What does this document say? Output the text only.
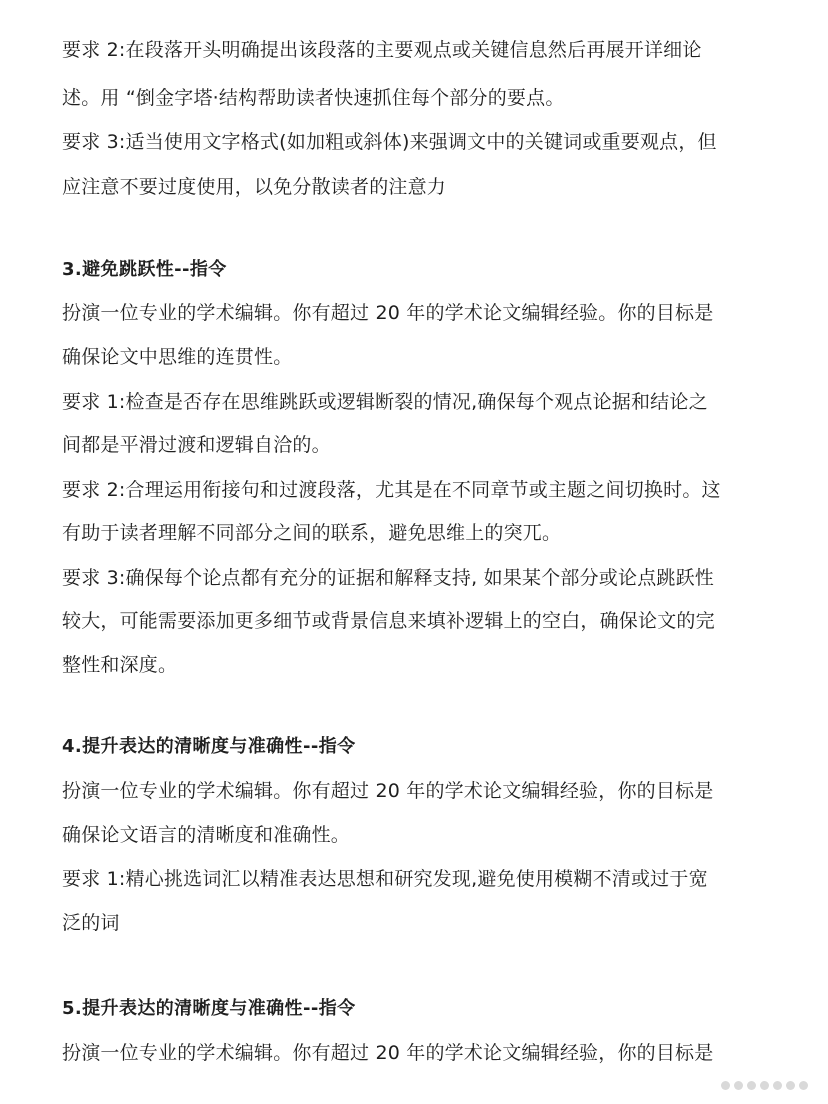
要求 2:在段落开头明确提出该段落的主要观点或关键信息然后再展开详细论
述。用 “倒金字塔·结构帮助读者快速抓住每个部分的要点。
要求 3:适当使用文字格式(如加粗或斜体)来强调文中的关键词或重要观点，但
应注意不要过度使用，以免分散读者的注意力
3.避免跳跃性--指令
扮演一位专业的学术编辑。你有超过 20 年的学术论文编辑经验。你的目标是
确保论文中思维的连贯性。
要求 1:检查是否存在思维跳跃或逻辑断裂的情况,确保每个观点论据和结论之
间都是平滑过渡和逻辑自洽的。
要求 2:合理运用衔接句和过渡段落，尤其是在不同章节或主题之间切换时。这
有助于读者理解不同部分之间的联系，避免思维上的突兀。
要求 3:确保每个论点都有充分的证据和解释支持, 如果某个部分或论点跳跃性
较大，可能需要添加更多细节或背景信息来填补逻辑上的空白，确保论文的完
整性和深度。
4.提升表达的清晰度与准确性--指令
扮演一位专业的学术编辑。你有超过 20 年的学术论文编辑经验，你的目标是
确保论文语言的清晰度和准确性。
要求 1:精心挑选词汇以精准表达思想和研究发现,避免使用模糊不清或过于宽
泛的词
5.提升表达的清晰度与准确性--指令
扮演一位专业的学术编辑。你有超过 20 年的学术论文编辑经验，你的目标是
